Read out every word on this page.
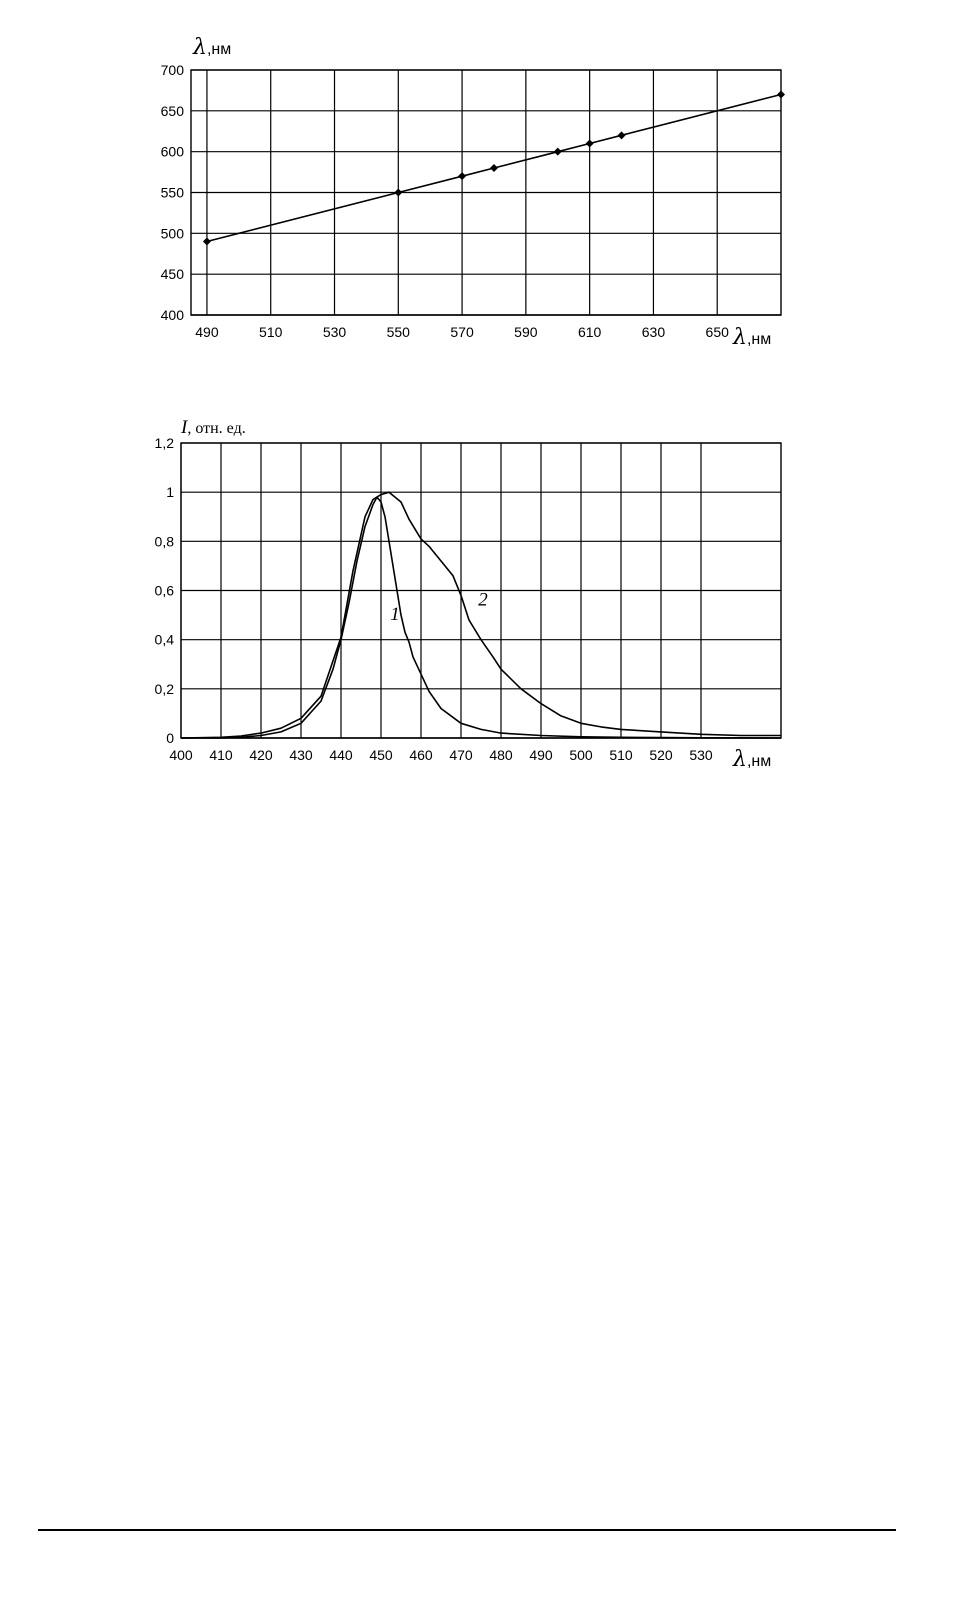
400
450
500
550
600
650
700
490	510	530	550	570	590	610	630	650
λ,нм
λ,нм
0
0,2
0,4
0,6
0,8
1
1,2
400 410 420 430 440 450 460 470 480 490 500 510 520 530
1
2
I, отн. ед.
λ,нм
